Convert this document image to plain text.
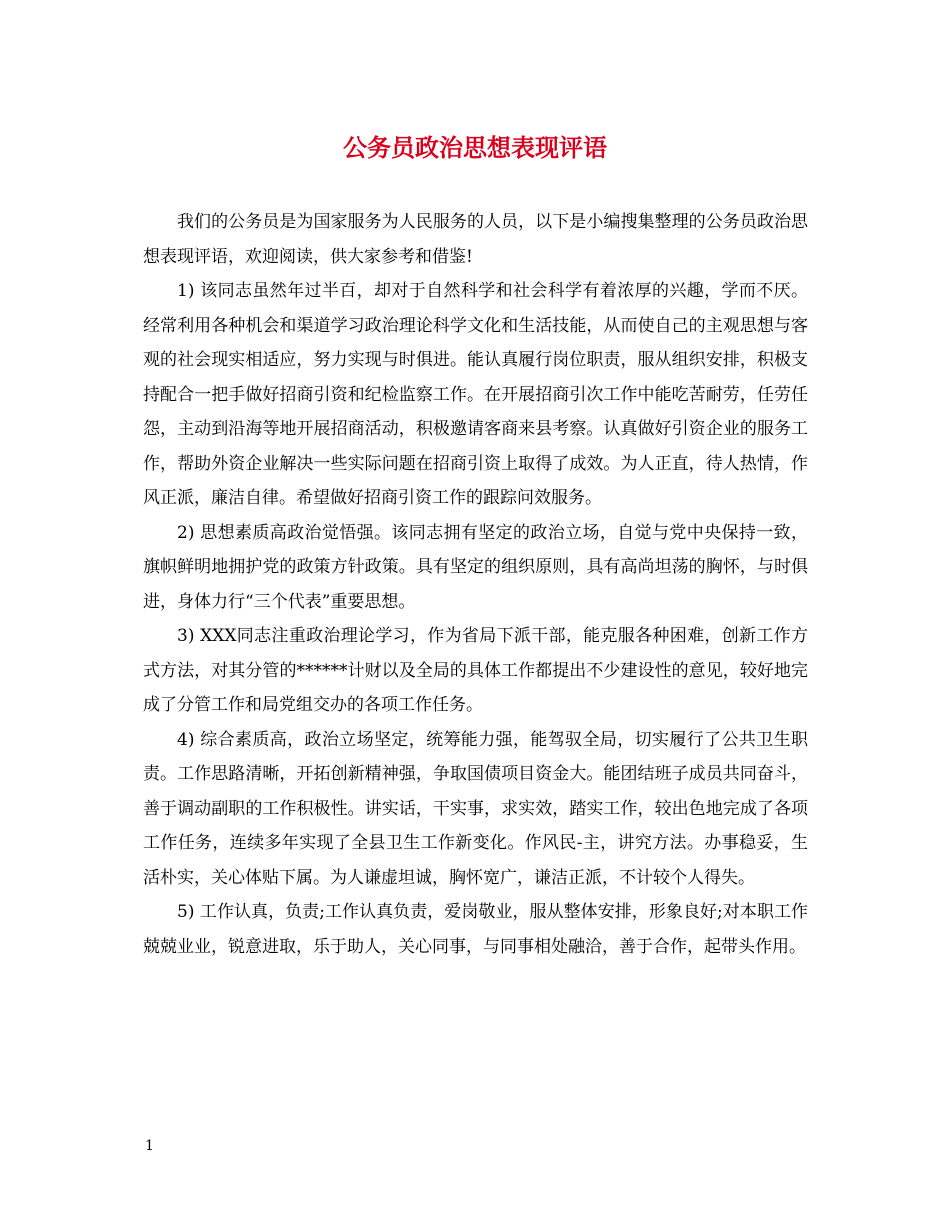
公务员政治思想表现评语

我们的公务员是为国家服务为人民服务的人员，以下是小编搜集整理的公务员政治思想表现评语，欢迎阅读，供大家参考和借鉴!

1) 该同志虽然年过半百，却对于自然科学和社会科学有着浓厚的兴趣，学而不厌。经常利用各种机会和渠道学习政治理论科学文化和生活技能，从而使自己的主观思想与客观的社会现实相适应，努力实现与时俱进。能认真履行岗位职责，服从组织安排，积极支持配合一把手做好招商引资和纪检监察工作。在开展招商引次工作中能吃苦耐劳，任劳任怨，主动到沿海等地开展招商活动，积极邀请客商来县考察。认真做好引资企业的服务工作，帮助外资企业解决一些实际问题在招商引资上取得了成效。为人正直，待人热情，作风正派，廉洁自律。希望做好招商引资工作的跟踪问效服务。

2) 思想素质高政治觉悟强。该同志拥有坚定的政治立场，自觉与党中央保持一致，旗帜鲜明地拥护党的政策方针政策。具有坚定的组织原则，具有高尚坦荡的胸怀，与时俱进，身体力行“三个代表”重要思想。

3) XXX同志注重政治理论学习，作为省局下派干部，能克服各种困难，创新工作方式方法，对其分管的******计财以及全局的具体工作都提出不少建设性的意见，较好地完成了分管工作和局党组交办的各项工作任务。

4) 综合素质高，政治立场坚定，统筹能力强，能驾驭全局，切实履行了公共卫生职责。工作思路清晰，开拓创新精神强，争取国债项目资金大。能团结班子成员共同奋斗，善于调动副职的工作积极性。讲实话，干实事，求实效，踏实工作，较出色地完成了各项工作任务，连续多年实现了全县卫生工作新变化。作风民-主，讲究方法。办事稳妥，生活朴实，关心体贴下属。为人谦虚坦诚，胸怀宽广，谦洁正派，不计较个人得失。

5) 工作认真，负责;工作认真负责，爱岗敬业，服从整体安排，形象良好;对本职工作兢兢业业，锐意进取，乐于助人，关心同事，与同事相处融洽，善于合作，起带头作用。

1
